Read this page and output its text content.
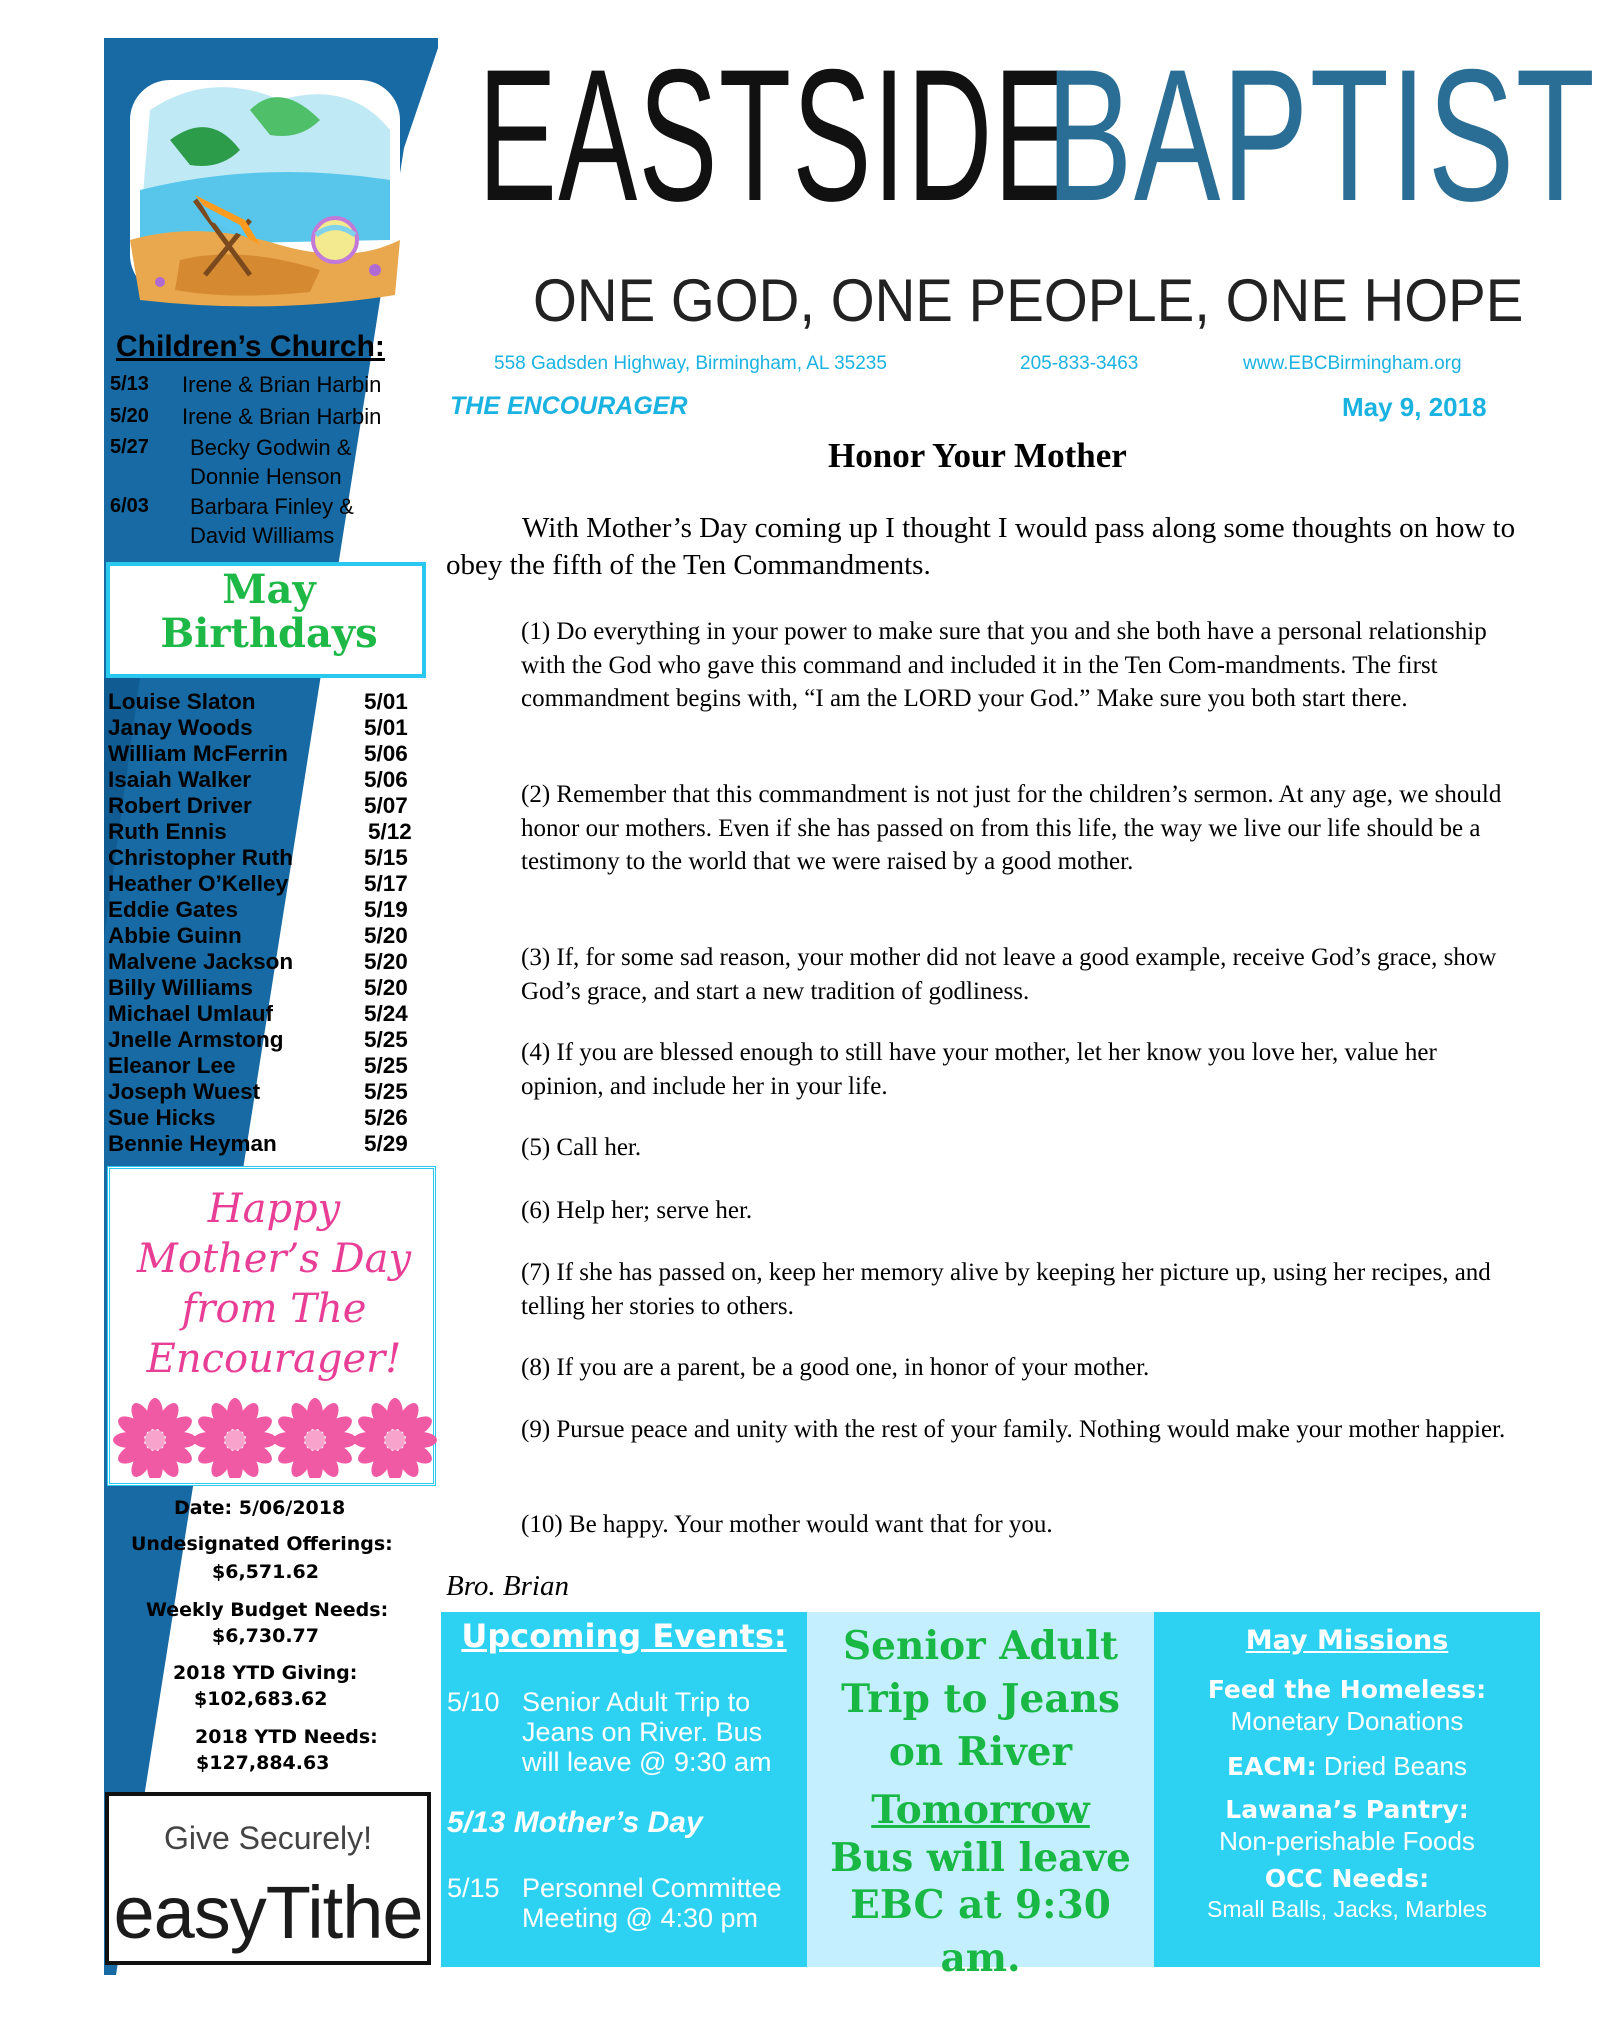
Children’s Church:
5/13 Irene & Brian Harbin
5/20 Irene & Brian Harbin
5/27 Becky Godwin &
Donnie Henson
6/03 Barbara Finley &
David Williams
May
Birthdays
Louise Slaton	5/01
Janay Woods	5/01
William McFerrin	5/06
Isaiah Walker	5/06
Robert Driver	5/07
Ruth Ennis	5/12
Christopher Ruth	5/15
Heather O’Kelley	5/17
Eddie Gates	5/19
Abbie Guinn	5/20
Malvene Jackson	5/20
Billy Williams	5/20
Michael Umlauf	5/24
Jnelle Armstong	5/25
Eleanor Lee	5/25
Joseph Wuest	5/25
Sue Hicks	5/26
Bennie Heyman	5/29
Happy
Mother’s Day
from The
Encourager!
Date: 5/06/2018
Undesignated Offerings:
$6,571.62
Weekly Budget Needs:
$6,730.77
2018 YTD Giving:
$102,683.62
2018 YTD Needs:
$127,884.63
Give Securely!
easyTithe
EASTSIDE
BAPTIST
ONE GOD, ONE PEOPLE, ONE HOPE
558 Gadsden Highway, Birmingham, AL 35235	205-833-3463	www.EBCBirmingham.org
THE ENCOURAGER	May 9, 2018
Honor Your Mother

With Mother’s Day coming up I thought I would pass along some thoughts on how to obey the fifth of the Ten Commandments.

(1) Do everything in your power to make sure that you and she both have a personal relationship with the God who gave this command and included it in the Ten Com-mandments. The first commandment begins with, “I am the LORD your God.” Make sure you both start there.

(2) Remember that this commandment is not just for the children’s sermon. At any age, we should honor our mothers. Even if she has passed on from this life, the way we live our life should be a testimony to the world that we were raised by a good mother.

(3) If, for some sad reason, your mother did not leave a good example, receive God’s grace, show God’s grace, and start a new tradition of godliness.

(4) If you are blessed enough to still have your mother, let her know you love her, value her opinion, and include her in your life.

(5) Call her.

(6) Help her; serve her.

(7) If she has passed on, keep her memory alive by keeping her picture up, using her recipes, and telling her stories to others.

(8) If you are a parent, be a good one, in honor of your mother.

(9) Pursue peace and unity with the rest of your family. Nothing would make your mother happier.

(10) Be happy. Your mother would want that for you.

Bro. Brian
Upcoming Events:
5/10 Senior Adult Trip to Jeans on River. Bus will leave @ 9:30 am
5/13 Mother’s Day
5/15 Personnel Committee Meeting @ 4:30 pm
Senior Adult
Trip to Jeans
on River
Tomorrow
Bus will leave
EBC at 9:30 am.
May Missions
Feed the Homeless:
Monetary Donations
EACM: Dried Beans
Lawana’s Pantry:
Non-perishable Foods
OCC Needs:
Small Balls, Jacks, Marbles
